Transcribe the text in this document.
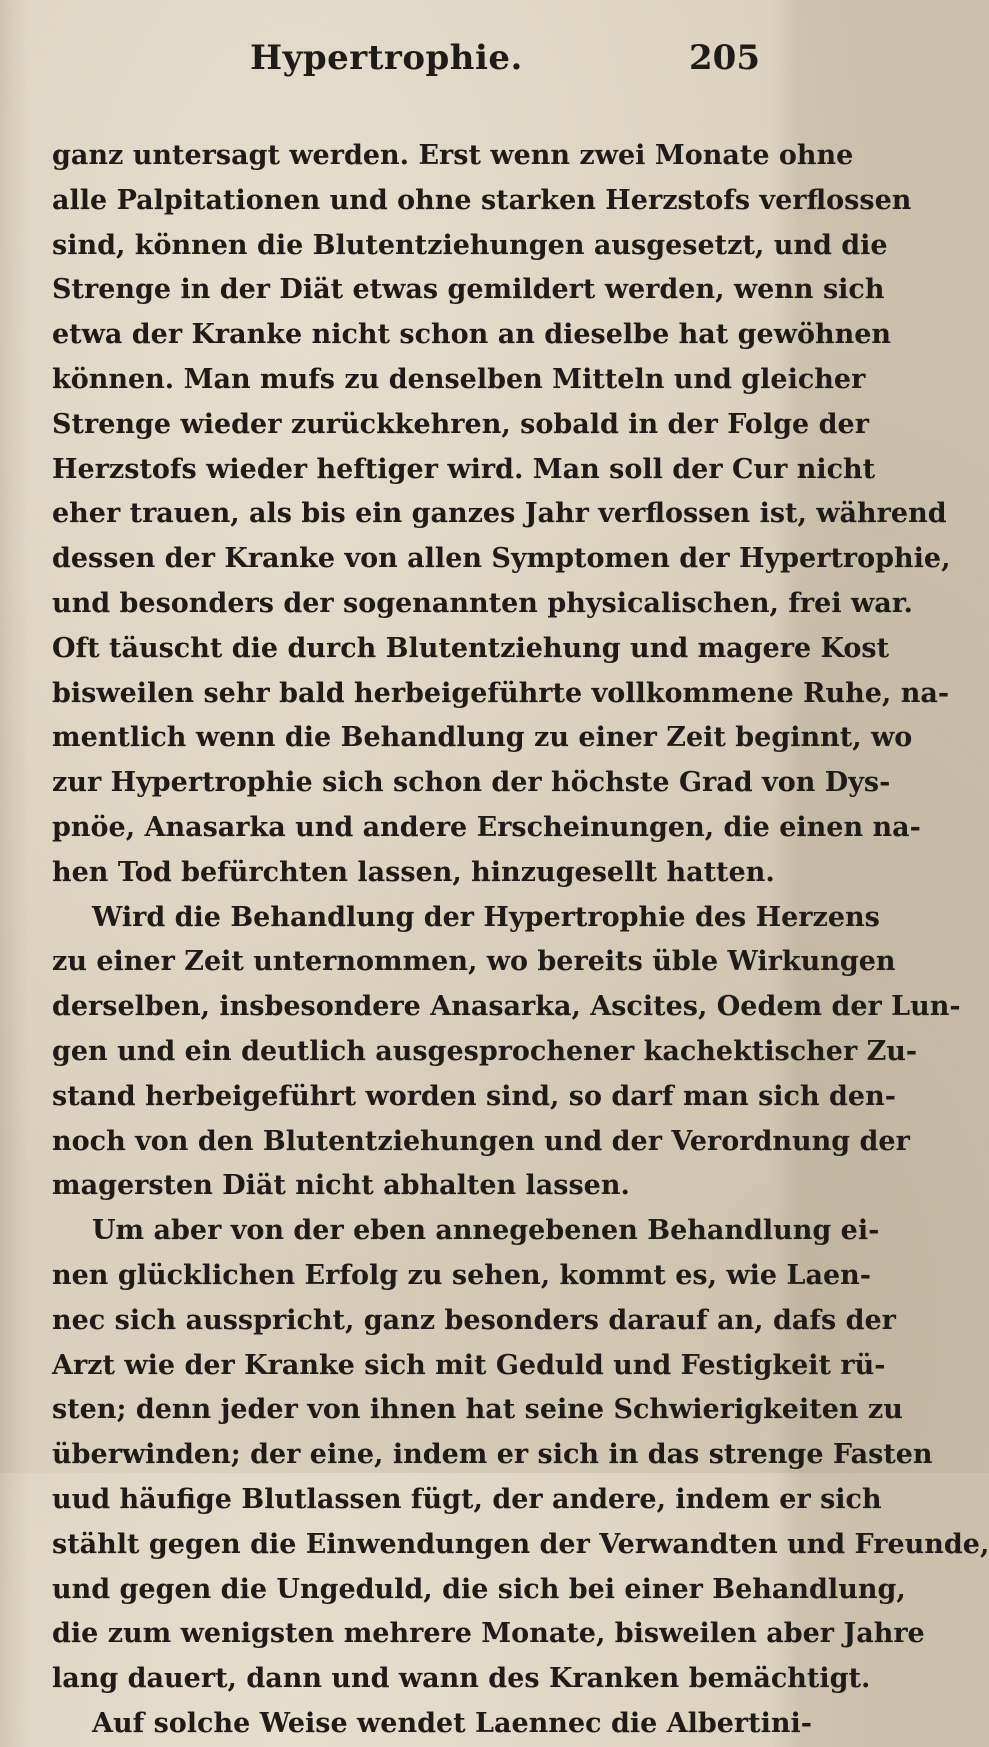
Hypertrophie.	205
ganz untersagt werden. Erst wenn zwei Monate ohne
alle Palpitationen und ohne starken Herzstofs verflossen
sind, können die Blutentziehungen ausgesetzt, und die
Strenge in der Diät etwas gemildert werden, wenn sich
etwa der Kranke nicht schon an dieselbe hat gewöhnen
können. Man mufs zu denselben Mitteln und gleicher
Strenge wieder zurückkehren, sobald in der Folge der
Herzstofs wieder heftiger wird. Man soll der Cur nicht
eher trauen, als bis ein ganzes Jahr verflossen ist, während
dessen der Kranke von allen Symptomen der Hypertrophie,
und besonders der sogenannten physicalischen, frei war.
Oft täuscht die durch Blutentziehung und magere Kost
bisweilen sehr bald herbeigeführte vollkommene Ruhe, na-
mentlich wenn die Behandlung zu einer Zeit beginnt, wo
zur Hypertrophie sich schon der höchste Grad von Dys-
pnöe, Anasarka und andere Erscheinungen, die einen na-
hen Tod befürchten lassen, hinzugesellt hatten.
Wird die Behandlung der Hypertrophie des Herzens
zu einer Zeit unternommen, wo bereits üble Wirkungen
derselben, insbesondere Anasarka, Ascites, Oedem der Lun-
gen und ein deutlich ausgesprochener kachektischer Zu-
stand herbeigeführt worden sind, so darf man sich den-
noch von den Blutentziehungen und der Verordnung der
magersten Diät nicht abhalten lassen.
Um aber von der eben annegebenen Behandlung ei-
nen glücklichen Erfolg zu sehen, kommt es, wie Laen-
nec sich ausspricht, ganz besonders darauf an, dafs der
Arzt wie der Kranke sich mit Geduld und Festigkeit rü-
sten; denn jeder von ihnen hat seine Schwierigkeiten zu
überwinden; der eine, indem er sich in das strenge Fasten
uud häufige Blutlassen fügt, der andere, indem er sich
stählt gegen die Einwendungen der Verwandten und Freunde,
und gegen die Ungeduld, die sich bei einer Behandlung,
die zum wenigsten mehrere Monate, bisweilen aber Jahre
lang dauert, dann und wann des Kranken bemächtigt.
Auf solche Weise wendet Laennec die Albertini-
